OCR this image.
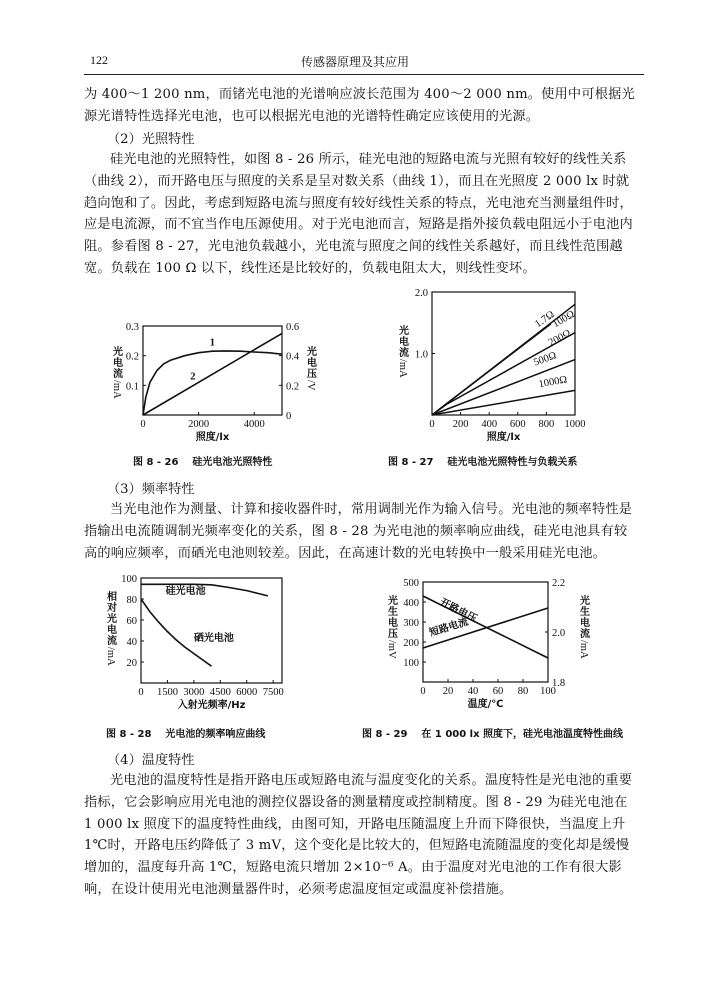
122	传感器原理及其应用
为 400～1 200 nm，而锗光电池的光谱响应波长范围为 400～2 000 nm。使用中可根据光源光谱特性选择光电池，也可以根据光电池的光谱特性确定应该使用的光源。
（2）光照特性
硅光电池的光照特性，如图 8 - 26 所示，硅光电池的短路电流与光照有较好的线性关系（曲线 2），而开路电压与照度的关系是呈对数关系（曲线 1），而且在光照度 2 000 lx 时就趋向饱和了。因此，考虑到短路电流与照度有较好线性关系的特点，光电池充当测量组件时，应是电流源，而不宜当作电压源使用。对于光电池而言，短路是指外接负载电阻远小于电池内阻。参看图 8 - 27，光电池负载越小，光电流与照度之间的线性关系越好，而且线性范围越宽。负载在 100 Ω 以下，线性还是比较好的，负载电阻太大，则线性变坏。
0	2000	4000
0.1
0.2
0.3
0
0.2
0.4
0.6
1
2
照度/lx
光
电
流
/mA
光
电
压
/V
图 8 - 26    硅光电池光照特性
0 200 400 600 800 1000
1.0
2.0
1.7Ω
100Ω
200Ω
500Ω
1000Ω
照度/lx
光
电
流
/mA
图 8 - 27    硅光电池光照特性与负载关系
（3）频率特性
当光电池作为测量、计算和接收器件时，常用调制光作为输入信号。光电池的频率特性是指输出电流随调制光频率变化的关系，图 8 - 28 为光电池的频率响应曲线，硅光电池具有较高的响应频率，而硒光电池则较差。因此，在高速计数的光电转换中一般采用硅光电池。
0 1500 3000 4500 6000 7500
20
40
60
80
100
硅光电池
硒光电池
入射光频率/Hz
相
对
光
电
流
/mA
图 8 - 28    光电池的频率响应曲线
0 20 40 60 80 100
100
200
300
400
500
1.8
2.0
2.2
开路电压
短路电流
温度/℃
光
生
电
压
/mV
光
生
电
流
/mA
图 8 - 29    在 1 000 lx 照度下，硅光电池温度特性曲线
（4）温度特性
光电池的温度特性是指开路电压或短路电流与温度变化的关系。温度特性是光电池的重要指标，它会影响应用光电池的测控仪器设备的测量精度或控制精度。图 8 - 29 为硅光电池在 1 000 lx 照度下的温度特性曲线，由图可知，开路电压随温度上升而下降很快，当温度上升 1℃时，开路电压约降低了 3 mV，这个变化是比较大的，但短路电流随温度的变化却是缓慢增加的，温度每升高 1℃，短路电流只增加 2×10⁻⁶ A。由于温度对光电池的工作有很大影响，在设计使用光电池测量器件时，必须考虑温度恒定或温度补偿措施。
